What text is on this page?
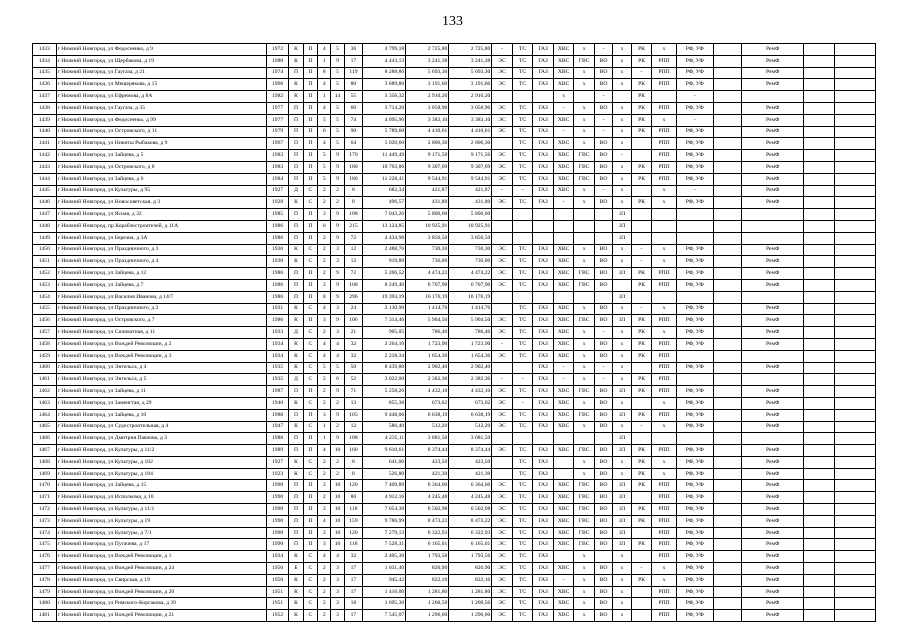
133
1433	г Нижний Новгород, ул Федосеенко, д 9	1972	К	П	4	5	36	4 799,18	2 725,80	2 725,80	-	ТС	ГАЗ	ХВС	х	-	х	РК	х	РФ, УФ		РемФ		
1434	г Нижний Новгород, ул Щербакова, д 19	1980	К	П	1	9	17	4 443,13	3 241,38	3 241,38	ЭС	ТС	ГАЗ	ХВС	ГВС	ВО	х	РК	РПП	РФ, УФ		РемФ		
1435	г Нижний Новгород, ул Гаугаза, д 21	1974	П	П	8	5	119	8 288,86	5 693,30	5 693,30	ЭС	ТС	ГАЗ	ХВС	х	ВО	х	-	РПП	РФ, УФ		РемФ		
1436	г Нижний Новгород, ул Мещерякова, д 15	1966	К	П	4	5	80	3 689,80	3 191,60	3 191,60	ЭС	ТС	ГАЗ	ХВС	х	ВО	х	РК	РПП	РФ, УФ		РемФ		
1437	г Нижний Новгород, ул Ефремова, д 8А	1982	К	П	1	14	55	3 356,32	2 910,20	2 910,20				х		-		РК		-				
1438	г Нижний Новгород, ул Гаугаза, д 35	1977	П	П	4	5	60	3 714,20	3 058,90	3 058,90	ЭС	ТС	ГАЗ	-	х	ВО	х	РК	РПП	РФ, УФ		РемФ		
1439	г Нижний Новгород, ул Федосеенко, д 99	1977	П	П	5	5	74	4 095,90	3 383,10	3 383,10	ЭС	ТС	ГАЗ	ХВС	х	-	х	РК	х	-		РемФ		
1440	г Нижний Новгород, ул Островского, д 11	1979	П	П	6	5	90	5 789,60	4 410,61	4 410,61	ЭС	ТС	ГАЗ	-	х	-	х	РК	РПП	РФ, УФ		РемФ		
1441	г Нижний Новгород, ул Никиты Рыбакова, д 9	1967	П	П	4	5	64	5 020,60	2 806,30	2 806,30		ТС	ГАЗ	ХВС	х	ВО	х		РПП	РФ, УФ		РемФ		
1442	г Нижний Новгород, ул Зайцева, д 5	1983	П	П	5	9	179	11 449,49	9 171,50	9 171,50	ЭС	ТС	ГАЗ	ХВС	ГВС	ВО	-		РПП	РФ, УФ		РемФ		
1443	г Нижний Новгород, ул Островского, д 8	1983	П	П	5	9	180	10 703,86	9 307,69	9 307,69	ЭС	ТС	ГАЗ	ХВС	ГВС	ВО	х	РК	РПП	РФ, УФ		РемФ		
1444	г Нижний Новгород, ул Зайцева, д 6	1984	П	П	5	9	180	11 228,41	9 544,91	9 544,91	ЭС	ТС	ГАЗ	ХВС	ГВС	ВО	х	РК	РПП	РФ, УФ		РемФ		
1445	г Нижний Новгород, ул Культуры, д 95	1927	Д	С	2	2	8	682,34	421,87	421,87	-	-	ГАЗ	ХВС	х	-	х		х	-		РемФ		
1446	г Нижний Новгород, ул Новосоветская, д 3	1928	К	С	2	2	8	496,57	431,80	431,80	ЭС	ТС	ГАЗ	-	х	ВО	х	РК	х	РФ, УФ		РемФ		
1447	г Нижний Новгород, ул Ясная, д 32	1985	П	П	3	9	108	7 043,20	5 806,60	5 806,60							ЗЛ							
1448	г Нижний Новгород, пр Кораблестроителей, д 11А	1986	П	П	6	9	215	13 124,85	10 925,91	10 925,91							ЗЛ							
1449	г Нижний Новгород, ул Березна, д 3А	1986	П	П	2	9	72	4 434,98	3 856,50	3 856,50							ЗЛ							
1450	г Нижний Новгород, ул Праздничного, д 3	1930	К	С	2	3	12	2 488,76	730,30	730,30	ЭС	ТС	ГАЗ	ХВС	х	ВО	х	-	х	РФ, УФ		РемФ		
1451	г Нижний Новгород, ул Праздничного, д 4	1930	К	С	2	3	12	919,80	736,00	736,00	ЭС	ТС	ГАЗ	ХВС	х	ВО	х	-	х	РФ, УФ		РемФ		
1452	г Нижний Новгород, ул Зайцева, д 12	1986	П	П	2	9	72	5 206,52	4 474,22	4 474,22	ЭС	ТС	ГАЗ	ХВС	ГВС	ВО	ЗЛ	РК	РПП	РФ, УФ		РемФ		
1453	г Нижний Новгород, ул Зайцева, д 7	1986	П	П	3	9	108	8 249,40	6 707,90	6 707,90	ЭС	ТС	ГАЗ	ХВС	ГВС	ВО		РК	РПП	РФ, УФ		РемФ		
1454	г Нижний Новгород, ул Василия Иванова, д 14/7	1986	П	П	8	9	296	19 393,19	16 176,19	16 176,19							ЗЛ							
1455	г Нижний Новгород, ул Праздничного, д 2	1931	К	С	4	3	24	2 130,90	1 414,70	1 414,70		ТС	ГАЗ	ХВС	х	ВО	х	-	х	РФ, УФ		РемФ		
1456	г Нижний Новгород, ул Островского, д 7	1986	К	П	3	9	106	7 314,46	5 904,50	5 904,50	ЭС	ТС	ГАЗ	ХВС	ГВС	ВО	ЗЛ	РК	РПП	РФ, УФ		РемФ		
1457	г Нижний Новгород, ул Силикатная, д 11	1933	Д	С	2	3	21	905,05	786,40	786,40	ЭС	ТС	ГАЗ	ХВС	х	-	х	РК	х	РФ, УФ		РемФ		
1458	г Нижний Новгород, ул Вождей Революции, д 2	1934	К	С	4	4	32	2 264,10	1 723,90	1 723,90	-	ТС	ГАЗ	ХВС	х	ВО	х	РК	РПП	РФ, УФ		РемФ		
1459	г Нижний Новгород, ул Вождей Революции, д 3	1934	К	С	4	4	32	2 218,34	1 654,30	1 654,30	ЭС	ТС	ГАЗ	ХВС	х	ВО	х	РК	РПП					
1460	г Нижний Новгород, ул Энгельса, д 4	1935	К	С	5	5	50	8 439,80	2 902,40	2 902,40			ГАЗ	-	х	-	х		РПП	РФ, УФ		РемФ		
1461	г Нижний Новгород, ул Энгельса, д 5	1935	Д	С	2	6	52	3 022,00	2 382,30	2 382,30	-	-	ГАЗ	-	х	-	х	РК	РПП					
1462	г Нижний Новгород, ул Зайцева, д 11	1987	П	П	2	9	71	5 258,26	4 432,10	4 432,10	ЭС	ТС	ГАЗ	ХВС	ГВС	ВО	ЗЛ	РК	РПП	РФ, УФ		РемФ		
1463	г Нижний Новгород, ул Заменгтая, д 29	1940	К	С	2	2	13	855,38	673,02	673,02	ЭС	-	ГАЗ	ХВС	х	ВО	х		х	РФ, УФ		РемФ		
1464	г Нижний Новгород, ул Зайцева, д 10	1988	П	П	3	9	105	9 448,06	6 638,19	6 638,19	ЭС	ТС	ГАЗ	ХВС	ГВС	ВО	ЗЛ	РК	РПП	РФ, УФ		РемФ		
1465	г Нижний Новгород, ул Судостроительная, д 4	1947	К	С	1	2	12	586,40	512,20	512,20	ЭС	ТС	ГАЗ	ХВС	х	ВО	х	-	х	РФ, УФ		РемФ		
1466	г Нижний Новгород, ул Дмитрия Павлова, д 3	1988	П	П	1	9	108	4 235,11	3 681,50	3 681,50							ЗЛ							
1467	г Нижний Новгород, ул Культуры, д 11/2	1989	П	П	4	10	160	9 610,61	8 374,44	8 374,44	ЭС	ТС	ГАЗ	ХВС	ГВС	ВО	ЗЛ	РК	РПП	РФ, УФ		РемФ		
1468	г Нижний Новгород, ул Культуры, д 102	1927	К	С	2	2	8	641,00	423,50	423,50		ТС	ГАЗ		х	ВО	х	РК	х	РФ, УФ		РемФ		
1469	г Нижний Новгород, ул Культуры, д 104	1923	К	С	2	2	8	526,80	421,30	421,30		ТС	ГАЗ		х	ВО	х	РК	х	РФ, УФ		РемФ		
1470	г Нижний Новгород, ул Зайцева, д 15	1990	П	П	3	10	120	7 409,89	6 364,60	6 364,60	ЭС	ТС	ГАЗ	ХВС	ГВС	ВО	ЗЛ	РК	РПП	РФ, УФ		РемФ		
1471	г Нижний Новгород, ул Исполкома, д 10	1990	П	П	2	10	80	4 912,16	4 245,48	4 245,48	ЭС	ТС	ГАЗ	ХВС	ГВС	ВО	ЗЛ		РПП	РФ, УФ		РемФ		
1472	г Нижний Новгород, ул Культуры, д 11/1	1990	П	П	3	10	118	7 654,38	6 502,98	6 502,98	ЭС	ТС	ГАЗ	ХВС	ГВС	ВО	ЗЛ	РК	РПП	РФ, УФ		РемФ		
1473	г Нижний Новгород, ул Культуры, д 19	1990	П	П	4	10	159	9 786,99	8 473,22	8 473,22	ЭС	ТС	ГАЗ	ХВС	ГВС	ВО	ЗЛ	РК	РПП	РФ, УФ		РемФ		
1474	г Нижний Новгород, ул Культуры, д 7/1	1990	П	П	3	10	120	7 279,13	6 322,93	6 322,93	ЭС	ТС	ГАЗ	ХВС	ГВС	ВО	ЗЛ		РПП	РФ, УФ		РемФ		
1475	г Нижний Новгород, ул Пугачева, д 17	1990	П	П	3	10	118	7 528,31	6 165,01	6 165,01	ЭС	ТС	ГАЗ	ХВС	ГВС	ВО	ЗЛ	РК	РПП	РФ, УФ		РемФ		
1476	г Нижний Новгород, ул Вождей Революции, д 1	1934	К	С	4	4	32	2 405,30	1 793,50	1 793,50	ЭС	ТС	ГАЗ		х		х		РПП	РФ, УФ		РемФ		
1477	г Нижний Новгород, ул Вождей Революции, д 24	1950	Б	С	2	3	17	1 031,40	826,90	826,90	ЭС	ТС	ГАЗ	ХВС	х	ВО	х	-	х	РФ, УФ		РемФ		
1478	г Нижний Новгород, ул Свирская, д 19	1950	К	С	2	3	17	945,42	822,10	822,10	ЭС	ТС	ГАЗ	-	х	ВО	х	РК	х	РФ, УФ		РемФ		
1479	г Нижний Новгород, ул Вождей Революции, д 20	1951	К	С	2	3	17	1 416,00	1 281,80	1 281,80	ЭС	ТС	ГАЗ	ХВС	х	ВО	х		РПП	РФ, УФ		РемФ		
1480	г Нижний Новгород, ул Римского-Корсакова, д 39	1951	К	С	2	3	18	1 695,30	1 260,50	1 260,50	ЭС	ТС	ГАЗ	ХВС	х	ВО	х		РПП	РФ, УФ		РемФ		
1481	г Нижний Новгород, ул Вождей Революции, д 21	1952	К	С	2	3	17	7 545,07	1 296,60	1 296,60	ЭС	ТС	ГАЗ	ХВС	х	ВО	х		РПП	РФ, УФ		РемФ		
